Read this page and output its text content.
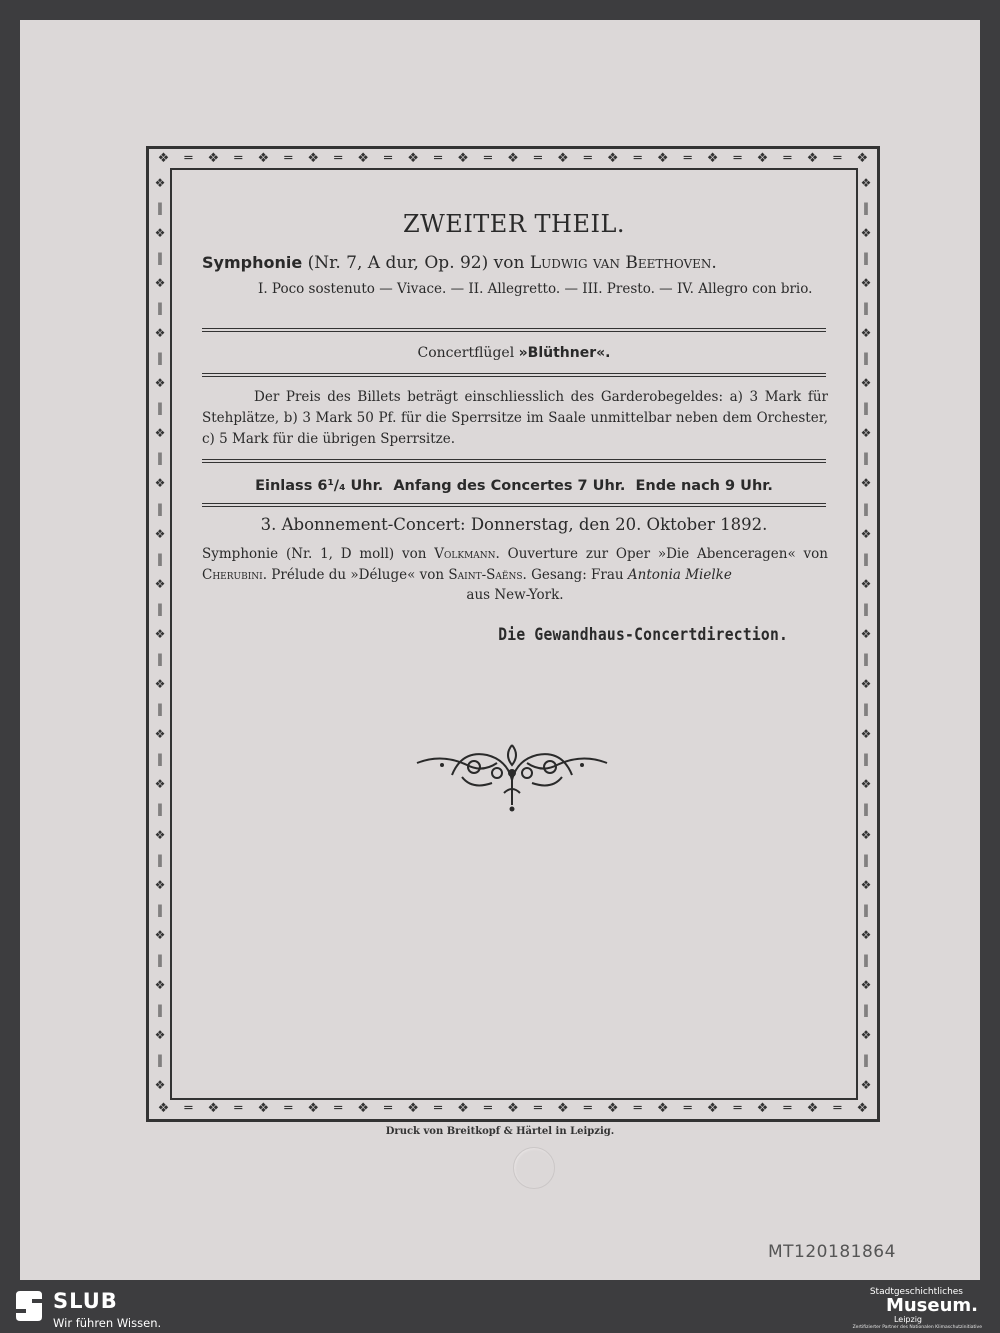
❖ ═ ❖ ═ ❖ ═ ❖ ═ ❖ ═ ❖ ═ ❖ ═ ❖ ═ ❖ ═ ❖ ═ ❖ ═ ❖ ═ ❖ ═ ❖ ═ ❖
❖ ═ ❖ ═ ❖ ═ ❖ ═ ❖ ═ ❖ ═ ❖ ═ ❖ ═ ❖ ═ ❖ ═ ❖ ═ ❖ ═ ❖ ═ ❖ ═ ❖
❖
‖
❖
‖
❖
‖
❖
‖
❖
‖
❖
‖
❖
‖
❖
‖
❖
‖
❖
‖
❖
‖
❖
‖
❖
‖
❖
‖
❖
‖
❖
‖
❖
‖
❖
‖
❖
❖
‖
❖
‖
❖
‖
❖
‖
❖
‖
❖
‖
❖
‖
❖
‖
❖
‖
❖
‖
❖
‖
❖
‖
❖
‖
❖
‖
❖
‖
❖
‖
❖
‖
❖
‖
❖
ZWEITER THEIL.
Symphonie (Nr. 7, A dur, Op. 92) von Ludwig van Beethoven.
I. Poco sostenuto — Vivace. — II. Allegretto. — III. Presto. — IV. Allegro con brio.
Concertflügel »Blüthner«.
Der Preis des Billets beträgt einschliesslich des Garderobegeldes: a) 3 Mark für Stehplätze, b) 3 Mark 50 Pf. für die Sperrsitze im Saale unmittelbar neben dem Orchester, c) 5 Mark für die übrigen Sperrsitze.
Einlass 6¹/₄ Uhr. Anfang des Concertes 7 Uhr. Ende nach 9 Uhr.
3. Abonnement-Concert: Donnerstag, den 20. Oktober 1892.
Symphonie (Nr. 1, D moll) von Volkmann. Ouverture zur Oper »Die Abenceragen« von Cherubini. Prélude du »Déluge« von Saint-Saëns. Gesang: Frau Antonia Mielke
aus New-York.
Die Gewandhaus-Concertdirection.
Druck von Breitkopf & Härtel in Leipzig.
MT120181864
SLUB
Wir führen Wissen.
Stadtgeschichtliches
Museum.
Leipzig
Zertifizierter Partner des Nationalen Klimaschutzinitiative
